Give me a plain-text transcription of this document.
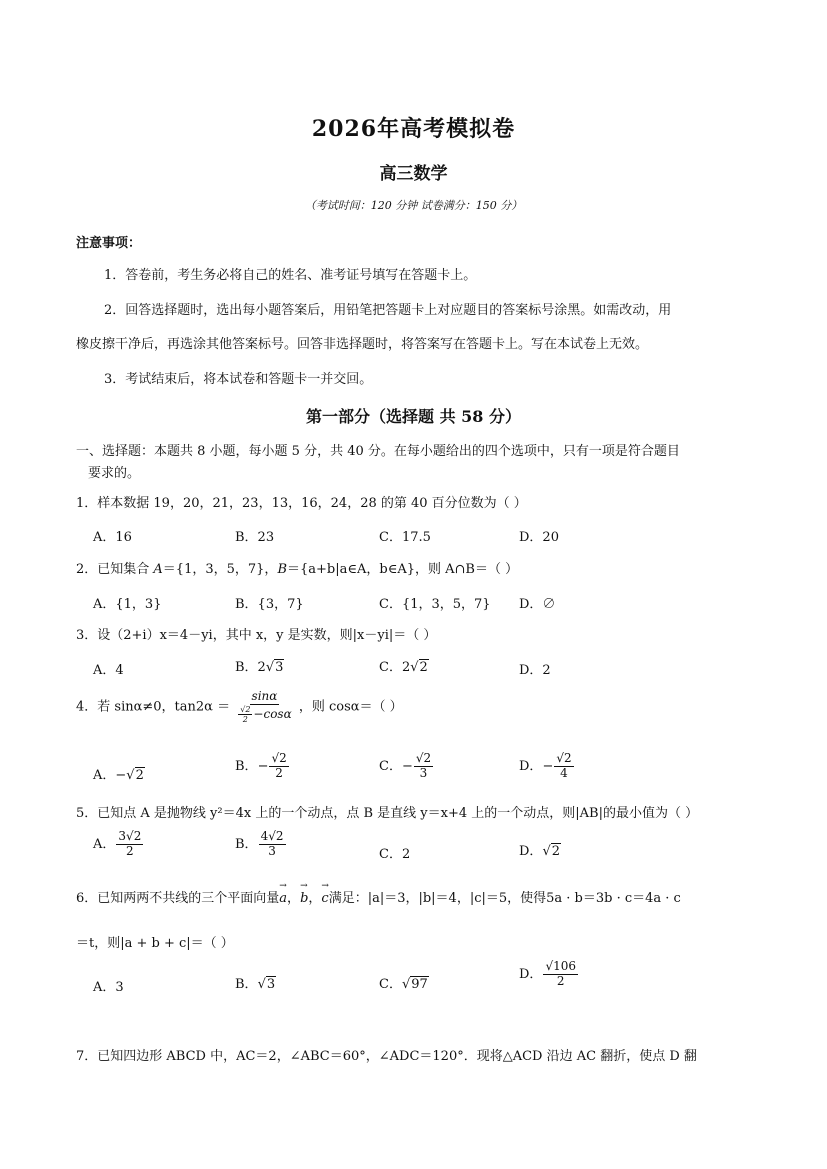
2026年高考模拟卷
高三数学
（考试时间：120 分钟 试卷满分：150 分）
注意事项：
1．答卷前，考生务必将自己的姓名、准考证号填写在答题卡上。
2．回答选择题时，选出每小题答案后，用铅笔把答题卡上对应题目的答案标号涂黑。如需改动，用
橡皮擦干净后，再选涂其他答案标号。回答非选择题时，将答案写在答题卡上。写在本试卷上无效。
3．考试结束后，将本试卷和答题卡一并交回。
第一部分（选择题 共 58 分）
一、选择题：本题共 8 小题，每小题 5 分，共 40 分。在每小题给出的四个选项中，只有一项是符合题目
要求的。
1．样本数据 19，20，21，23，13，16，24，28 的第 40 百分位数为（ ）
A．16	B．23	C．17.5	D．20
2．已知集合 A＝{1，3，5，7}，B＝{a+b|a∈A，b∈A}，则 A∩B＝（ ）
A．{1，3}	B．{3，7}	C．{1，3，5，7} D．∅
3．设（2+i）x＝4－yi，其中 x，y 是实数，则|x－yi|＝（ ）
A．4	B．2√3	C．2√2	D．2
4．若 sinα≠0，$\tan 2\alpha = \frac{\sin\alpha}{\frac{√2}{2} -\cos\alpha}$ ，则 cosα＝（ ）
A．−√2
B．− $\frac{√2}{2}$	C．− $\frac{√2}{3}$	D．− $\frac{√2}{4}$
5．已知点 A 是抛物线 y²＝4x 上的一个动点，点 B 是直线 y＝x+4 上的一个动点，则|AB|的最小值为（ ）
A． $\frac{3√2}{2}$	B． $\frac{4√2}{3}$	C．2	D．√2
6．已知两两不共线的三个平面向量→ a，→ b，→ c满足：|a|＝3，|b|＝4，|c|＝5，使得5a · b＝3b · c＝4a · c
＝t，则|a + b + c|＝（ ）
A．3	B．√3	C．√97
D． $\frac{√106}{2}$
7．已知四边形 ABCD 中，AC＝2，∠ABC＝60°，∠ADC＝120°．现将△ACD 沿边 AC 翻折，使点 D 翻
